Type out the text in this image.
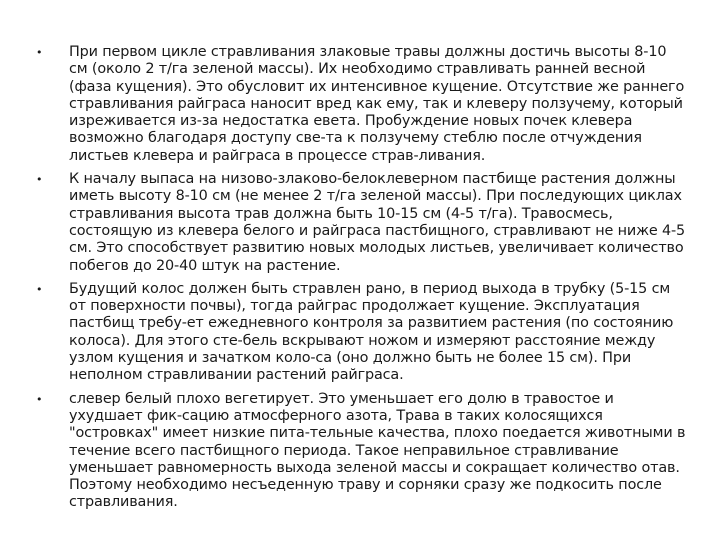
• При первом цикле стравливания злаковые травы должны достичь высоты 8-10 см (около 2 т/га зеленой массы). Их необходимо стравливать ранней весной (фаза кущения). Это обусловит их интенсивное кущение. Отсутствие же раннего стравливания райграса наносит вред как ему, так и клеверу ползучему, который изреживается из-за недостатка евета. Пробуждение новых почек клевера возможно благодаря доступу све-та к ползучему стеблю после отчуждения листьев клевера и райграса в процессе страв-ливания.
• К началу выпаса на низово-злаково-белоклеверном пастбище растения должны иметь высоту 8-10 см (не менее 2 т/га зеленой массы). При последующих циклах стравливания высота трав должна быть 10-15 см (4-5 т/га). Травосмесь, состоящую из клевера белого и райграса пастбищного, стравливают не ниже 4-5 см. Это способствует развитию новых молодых листьев, увеличивает количество побегов до 20-40 штук на растение.
• Будущий колос должен быть стравлен рано, в период выхода в трубку (5-15 см от поверхности почвы), тогда райграс продолжает кущение. Эксплуатация пастбищ требу-ет ежедневного контроля за развитием растения (по состоянию колоса). Для этого сте-бель вскрывают ножом и измеряют расстояние между узлом кущения и зачатком коло-са (оно должно быть не более 15 см). При неполном стравливании растений райграса.
• слевер белый плохо вегетирует. Это уменьшает его долю в травостое и ухудшает фик-сацию атмосферного азота, Трава в таких колосящихся "островках" имеет низкие пита-тельные качества, плохо поедается животными в течение всего пастбищного периода. Такое неправильное стравливание уменьшает равномерность выхода зеленой массы и сокращает количество отав. Поэтому необходимо несъеденную траву и сорняки сразу же подкосить после стравливания.
